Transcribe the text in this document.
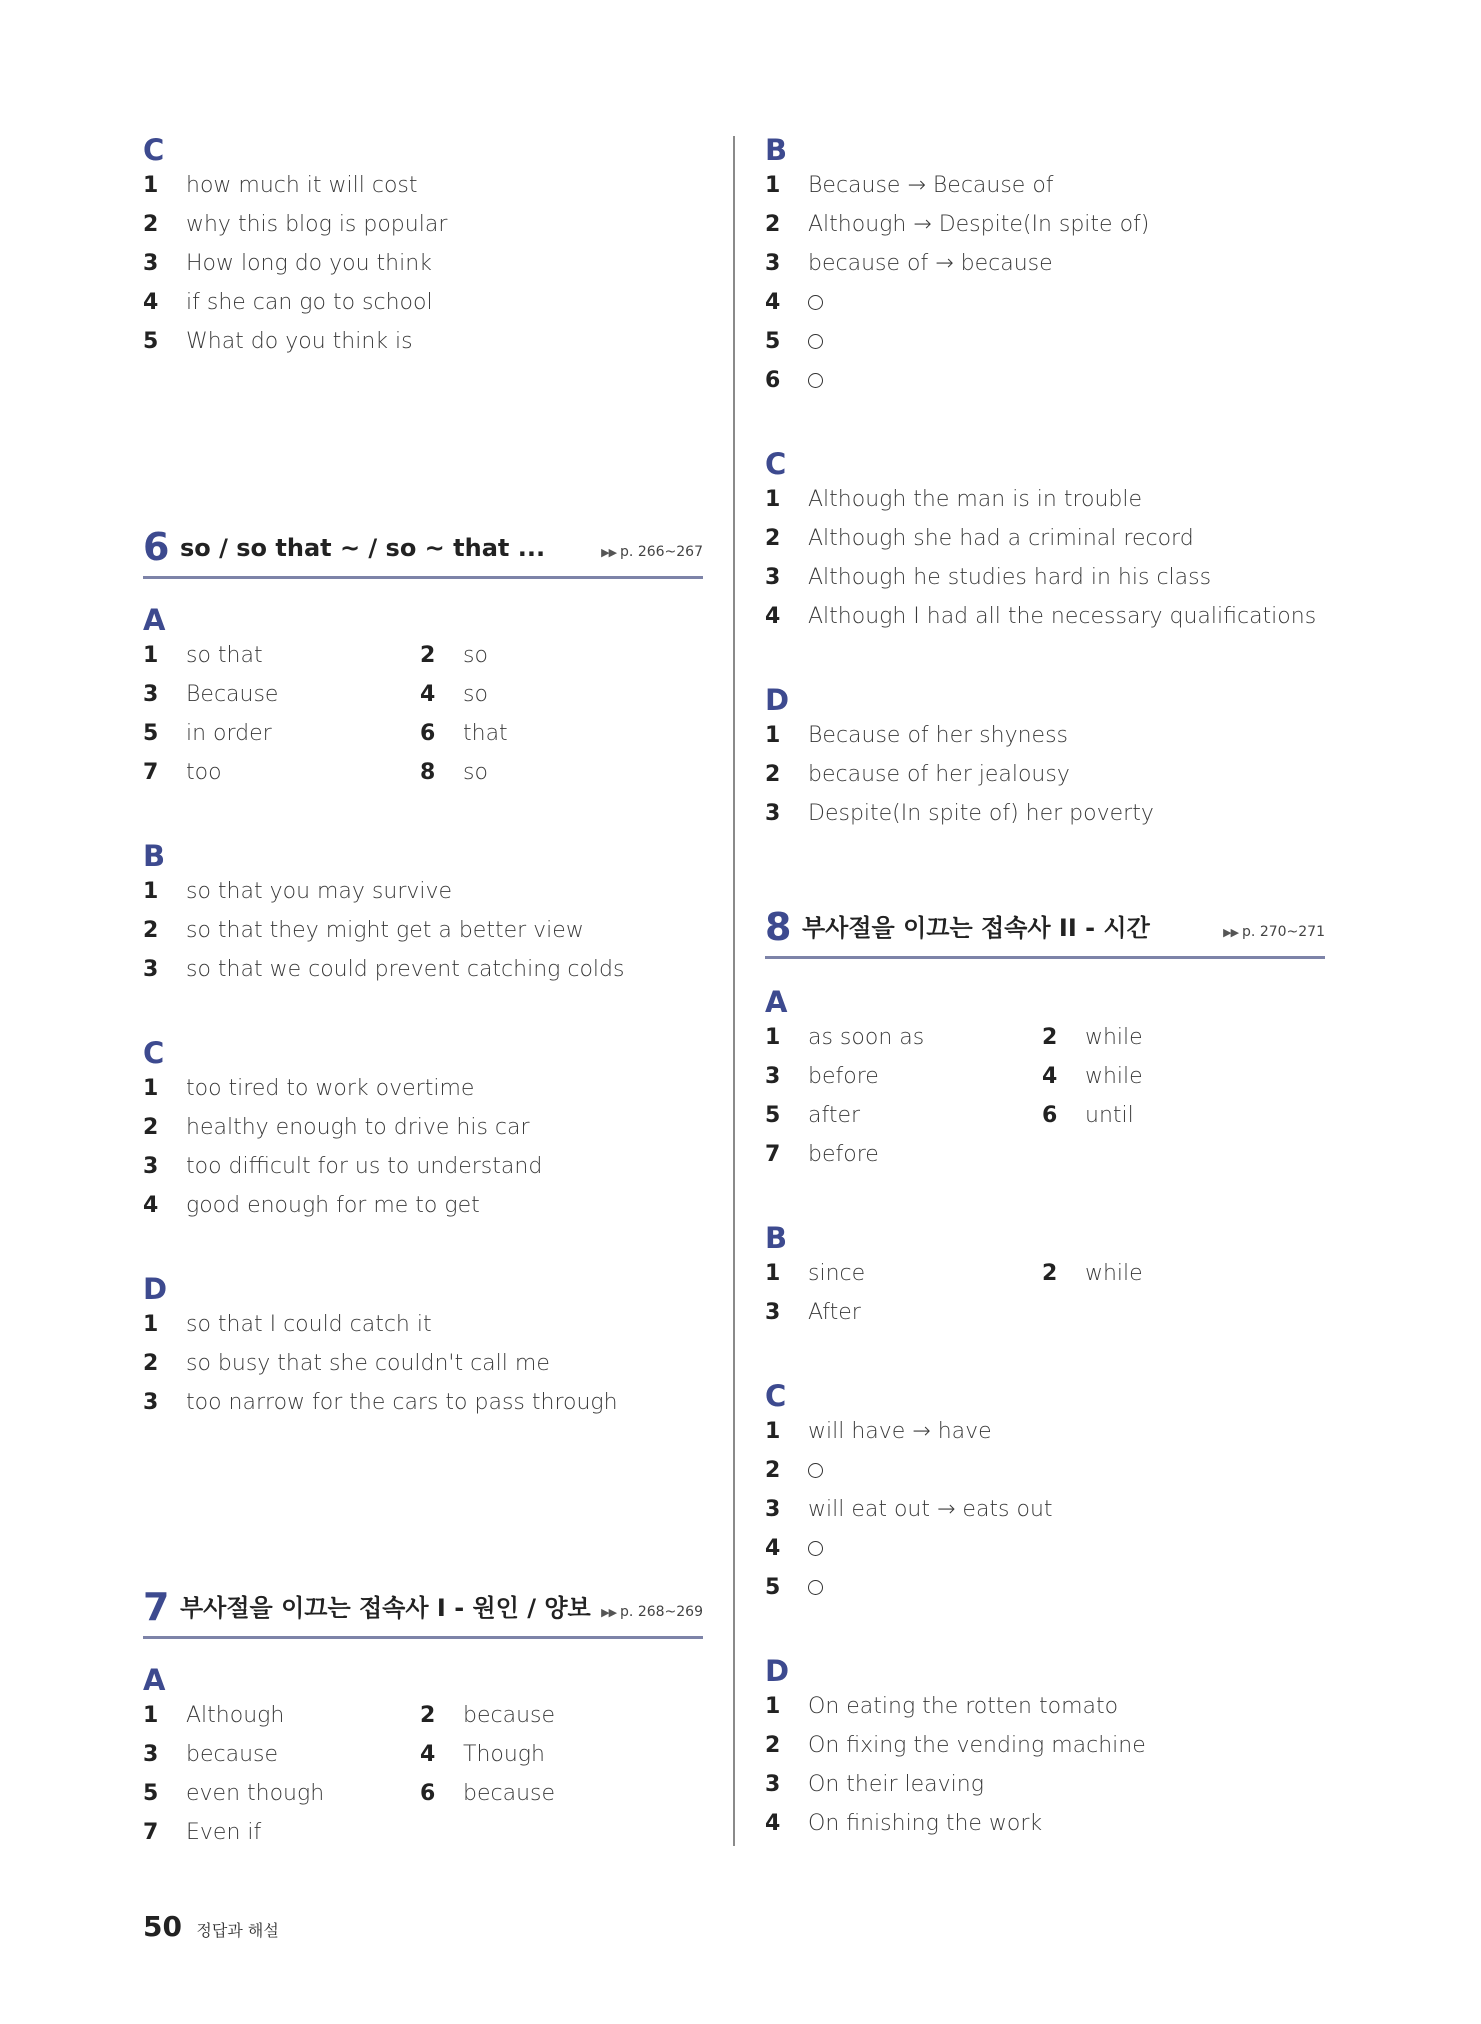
C
1 how much it will cost
2 why this blog is popular
3 How long do you think
4 if she can go to school
5 What do you think is
6 so / so that ~ / so ~ that ...	▶▶ p. 266~267
A
1 so that	2 so
3 Because	4 so
5 in order	6 that
7 too	8 so
B
1 so that you may survive
2 so that they might get a better view
3 so that we could prevent catching colds
C
1 too tired to work overtime
2 healthy enough to drive his car
3 too difficult for us to understand
4 good enough for me to get
D
1 so that I could catch it
2 so busy that she couldn't call me
3 too narrow for the cars to pass through
7 부사절을 이끄는 접속사 I - 원인 / 양보 ▶▶ p. 268~269
A
1 Although	2 because
3 because	4 Though
5 even though	6 because
7 Even if
B
1 Because → Because of
2 Although → Despite(In spite of)
3 because of → because
4
5
6
C
1 Although the man is in trouble
2 Although she had a criminal record
3 Although he studies hard in his class
4 Although I had all the necessary qualifications
D
1 Because of her shyness
2 because of her jealousy
3 Despite(In spite of) her poverty
8 부사절을 이끄는 접속사 II - 시간	▶▶ p. 270~271
A
1 as soon as	2 while
3 before	4 while
5 after	6 until
7 before
B
1 since	2 while
3 After
C
1 will have → have
2
3 will eat out → eats out
4
5
D
1 On eating the rotten tomato
2 On fixing the vending machine
3 On their leaving
4 On finishing the work
50 정답과 해설
